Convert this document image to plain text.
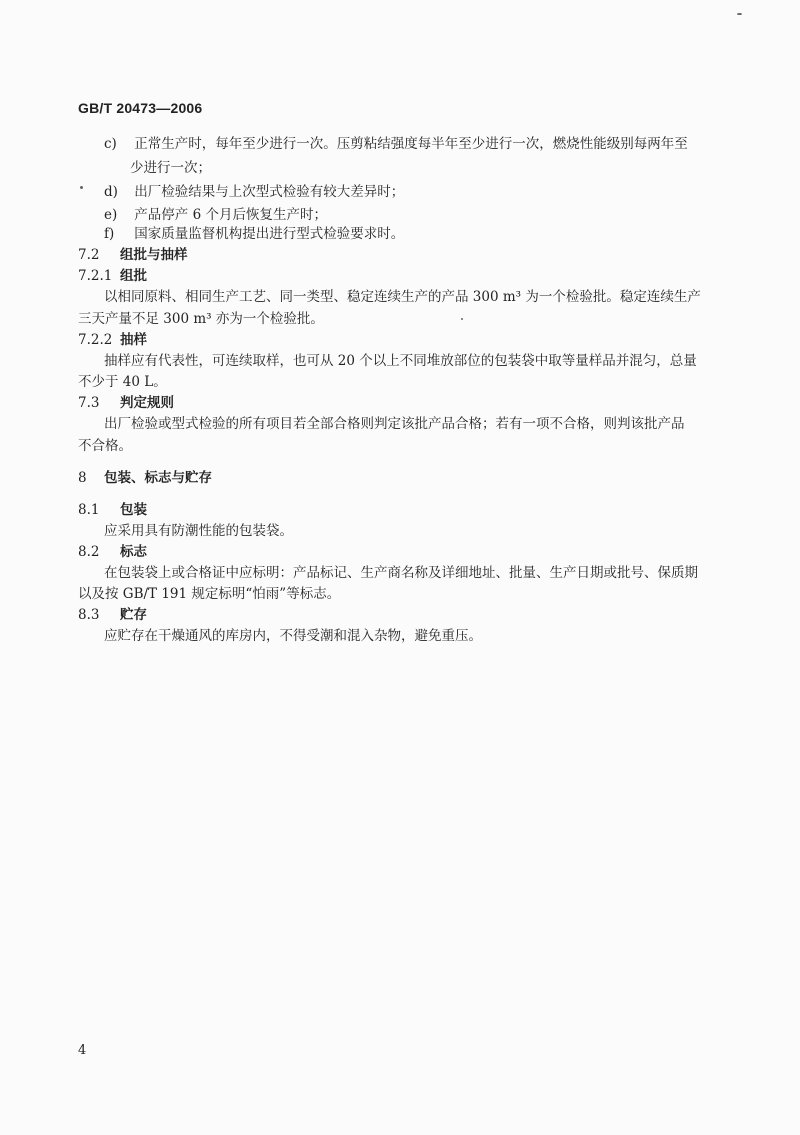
GB/T 20473—2006
c) 正常生产时，每年至少进行一次。压剪粘结强度每半年至少进行一次，燃烧性能级别每两年至
少进行一次；
d) 出厂检验结果与上次型式检验有较大差异时；
e) 产品停产 6 个月后恢复生产时；
f) 国家质量监督机构提出进行型式检验要求时。
7.2 组批与抽样
7.2.1 组批
以相同原料、相同生产工艺、同一类型、稳定连续生产的产品 300 m³ 为一个检验批。稳定连续生产
三天产量不足 300 m³ 亦为一个检验批。
7.2.2 抽样
抽样应有代表性，可连续取样，也可从 20 个以上不同堆放部位的包装袋中取等量样品并混匀，总量
不少于 40 L。
7.3 判定规则
出厂检验或型式检验的所有项目若全部合格则判定该批产品合格；若有一项不合格，则判该批产品
不合格。
8 包装、标志与贮存
8.1 包装
应采用具有防潮性能的包装袋。
8.2 标志
在包装袋上或合格证中应标明：产品标记、生产商名称及详细地址、批量、生产日期或批号、保质期
以及按 GB/T 191 规定标明“怕雨”等标志。
8.3 贮存
应贮存在干燥通风的库房内，不得受潮和混入杂物，避免重压。
4
